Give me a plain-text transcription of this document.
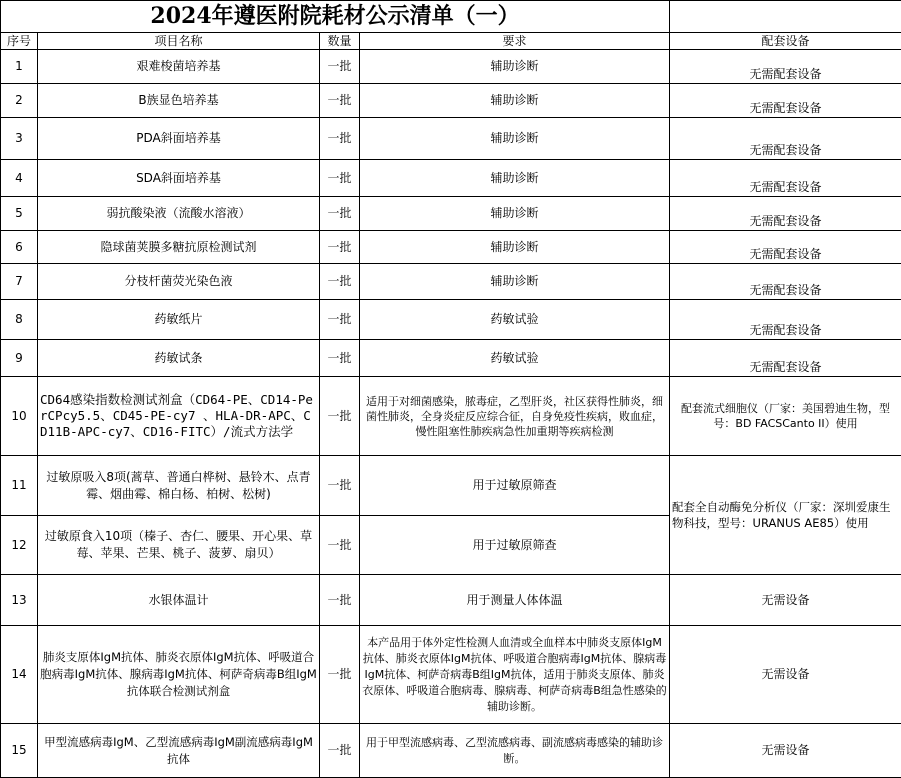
2024年遵医附院耗材公示清单（一）				
序号	项目名称	数量	要求	配套设备
1	艰难梭菌培养基	一批	辅助诊断	无需配套设备
2	B族显色培养基	一批	辅助诊断	无需配套设备
3	PDA斜面培养基	一批	辅助诊断	无需配套设备
4	SDA斜面培养基	一批	辅助诊断	无需配套设备
5	弱抗酸染液（流酸水溶液）	一批	辅助诊断	无需配套设备
6	隐球菌荚膜多糖抗原检测试剂	一批	辅助诊断	无需配套设备
7	分枝杆菌荧光染色液	一批	辅助诊断	无需配套设备
8	药敏纸片	一批	药敏试验	无需配套设备
9	药敏试条	一批	药敏试验	无需配套设备
10	CD64感染指数检测试剂盒（CD64-PE、CD14-PerCPcy5.5、CD45-PE-cy7 、HLA-DR-APC、CD11B-APC-cy7、CD16-FITC）/流式方法学	一批	适用于对细菌感染，脓毒症，乙型肝炎，社区获得性肺炎，细菌性肺炎，全身炎症反应综合征，自身免疫性疾病，败血症，慢性阻塞性肺疾病急性加重期等疾病检测	配套流式细胞仪（厂家：美国碧迪生物，型号：BD FACSCanto II）使用
11	过敏原吸入8项(蒿草、普通白桦树、悬铃木、点青霉、烟曲霉、棉白杨、柏树、松树)	一批	用于过敏原筛查	配套全自动酶免分析仪（厂家：深圳爱康生物科技，型号：URANUS AE85）使用
12	过敏原食入10项（榛子、杏仁、腰果、开心果、草莓、苹果、芒果、桃子、菠萝、扇贝）	一批	用于过敏原筛查	
13	水银体温计	一批	用于测量人体体温	无需设备
14	肺炎支原体IgM抗体、肺炎衣原体IgM抗体、呼吸道合胞病毒IgM抗体、腺病毒IgM抗体、柯萨奇病毒B组IgM抗体联合检测试剂盒	一批	本产品用于体外定性检测人血清或全血样本中肺炎支原体IgM抗体、肺炎衣原体IgM抗体、呼吸道合胞病毒IgM抗体、腺病毒IgM抗体、柯萨奇病毒B组IgM抗体，适用于肺炎支原体、肺炎衣原体、呼吸道合胞病毒、腺病毒、柯萨奇病毒B组急性感染的辅助诊断。	无需设备
15	甲型流感病毒IgM、乙型流感病毒IgM副流感病毒IgM抗体	一批	用于甲型流感病毒、乙型流感病毒、副流感病毒感染的辅助诊断。	无需设备
